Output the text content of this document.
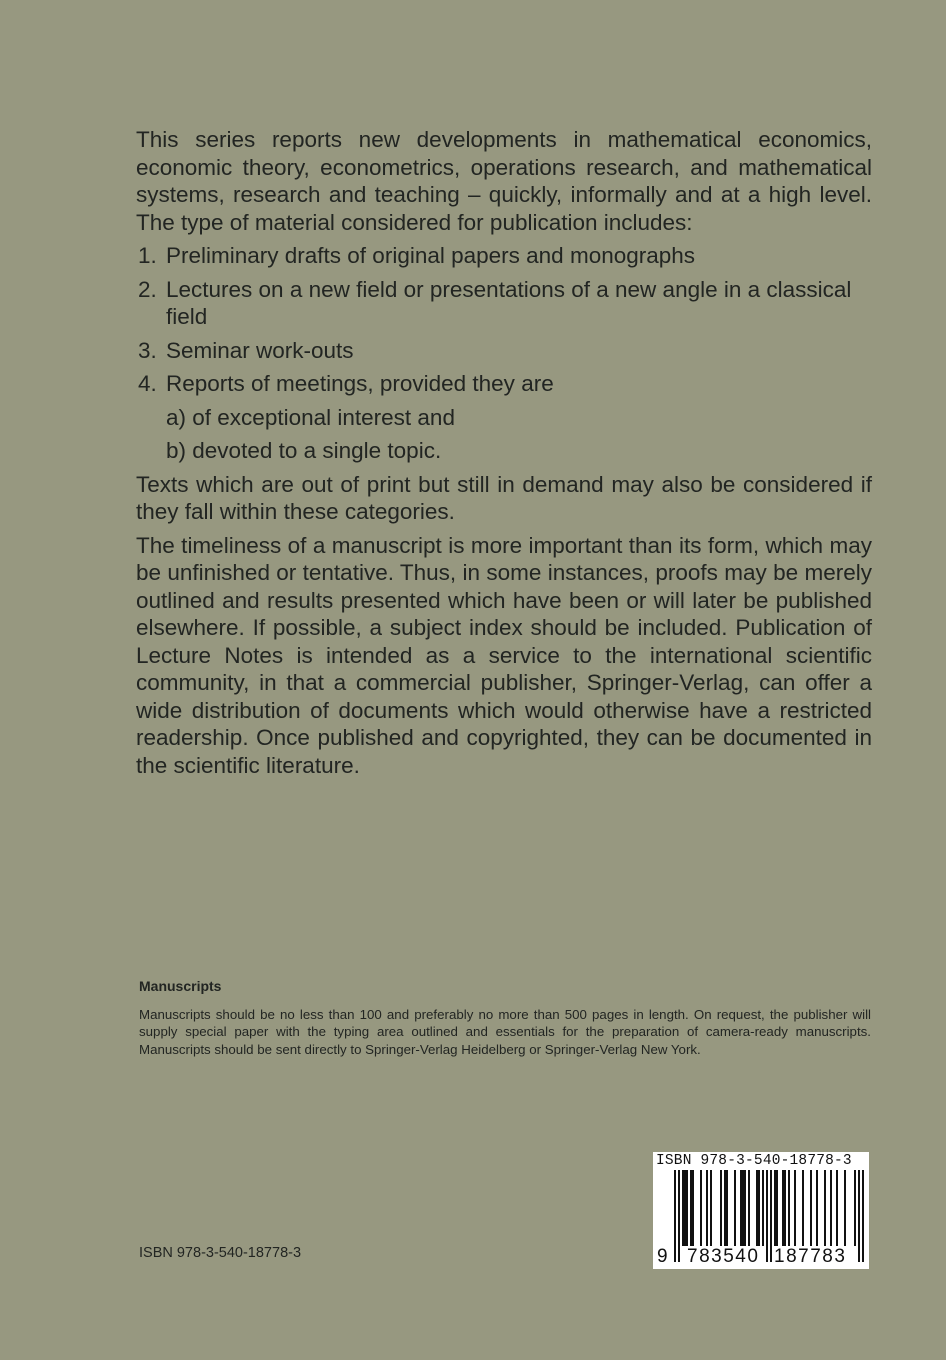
This series reports new developments in mathematical economics, economic theory, econometrics, operations research, and mathematical systems, research and teaching – quickly, informally and at a high level. The type of material considered for publication includes:

1. Preliminary drafts of original papers and monographs
2. Lectures on a new field or presentations of a new angle in a classical field
3. Seminar work-outs
4. Reports of meetings, provided they are
a) of exceptional interest and
b) devoted to a single topic.

Texts which are out of print but still in demand may also be considered if they fall within these categories.

The timeliness of a manuscript is more important than its form, which may be unfinished or tentative. Thus, in some instances, proofs may be merely outlined and results presented which have been or will later be published elsewhere. If possible, a subject index should be included. Publication of Lecture Notes is intended as a service to the international scientific community, in that a commercial publisher, Springer-Verlag, can offer a wide distribution of documents which would otherwise have a restricted readership. Once published and copyrighted, they can be documented in the scientific literature.

Manuscripts

Manuscripts should be no less than 100 and preferably no more than 500 pages in length. On request, the publisher will supply special paper with the typing area outlined and essentials for the preparation of camera-ready manuscripts. Manuscripts should be sent directly to Springer-Verlag Heidelberg or Springer-Verlag New York.

ISBN 978-3-540-18778-3
ISBN 978-3-540-18778-3
9 783540 187783
